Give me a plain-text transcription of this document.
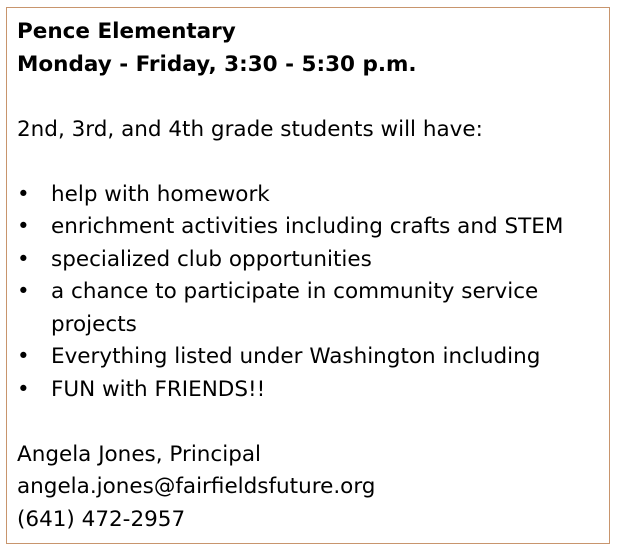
Pence Elementary
Monday - Friday, 3:30 - 5:30 p.m.
2nd, 3rd, and 4th grade students will have:
• help with homework
• enrichment activities including crafts and STEM
• specialized club opportunities
• a chance to participate in community service projects
• Everything listed under Washington including
• FUN with FRIENDS!!
Angela Jones, Principal
angela.jones@fairfieldsfuture.org
(641) 472-2957
